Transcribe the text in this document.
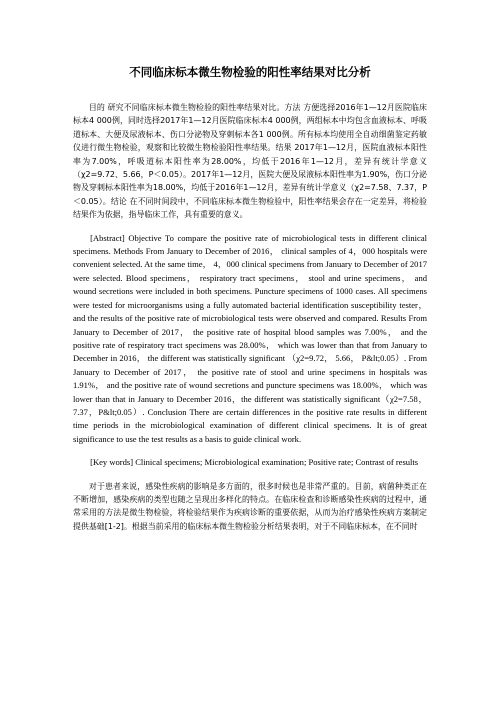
不同临床标本微生物检验的阳性率结果对比分析

目的 研究不同临床标本微生物检验的阳性率结果对比。方法 方便选择2016年1—12月医院临床标本4 000例，同时选择2017年1—12月医院临床标本4 000例，两组标本中均包含血液标本、呼吸道标本、大便及尿液标本、伤口分泌物及穿刺标本各1 000例。所有标本均使用全自动细菌鉴定药敏仪进行微生物检验，观察和比较微生物检验阳性率结果。结果 2017年1—12月，医院血液标本阳性率为7.00%，呼吸道标本阳性率为28.00%，均低于2016年1—12月，差异有统计学意义（χ2=9.72、5.66，P＜0.05）。2017年1—12月，医院大便及尿液标本阳性率为1.90%，伤口分泌物及穿刺标本阳性率为18.00%，均低于2016年1—12月，差异有统计学意义（χ2=7.58、7.37，P＜0.05）。结论 在不同时间段中，不同临床标本微生物检验中，阳性率结果会存在一定差异，将检验结果作为依据，指导临床工作，具有重要的意义。

[Abstract] Objective To compare the positive rate of microbiological tests in different clinical specimens. Methods From January to December of 2016， clinical samples of 4，000 hospitals were convenient selected. At the same time， 4，000 clinical specimens from January to December of 2017 were selected. Blood specimens， respiratory tract specimens， stool and urine specimens， and wound secretions were included in both specimens. Puncture specimens of 1000 cases. All specimens were tested for microorganisms using a fully automated bacterial identification susceptibility tester， and the results of the positive rate of microbiological tests were observed and compared. Results From January to December of 2017， the positive rate of hospital blood samples was 7.00%， and the positive rate of respiratory tract specimens was 28.00%， which was lower than that from January to December in 2016， the different was statistically significant （χ2=9.72， 5.66， P&lt;0.05）. From January to December of 2017， the positive rate of stool and urine specimens in hospitals was 1.91%， and the positive rate of wound secretions and puncture specimens was 18.00%， which was lower than that in January to December 2016，the different was statistically significant（χ2=7.58， 7.37，P&lt;0.05）. Conclusion There are certain differences in the positive rate results in different time periods in the microbiological examination of different clinical specimens. It is of great significance to use the test results as a basis to guide clinical work.

[Key words] Clinical specimens; Microbiological examination; Positive rate; Contrast of results

对于患者来说，感染性疾病的影响是多方面的，很多时候也是非常严重的。目前，病菌种类正在不断增加，感染疾病的类型也随之呈现出多样化的特点。在临床检查和诊断感染性疾病的过程中，通常采用的方法是微生物检验，将检验结果作为疾病诊断的重要依据，从而为治疗感染性疾病方案制定提供基础[1-2]。根据当前采用的临床标本微生物检验分析结果表明，对于不同临床标本，在不同时
